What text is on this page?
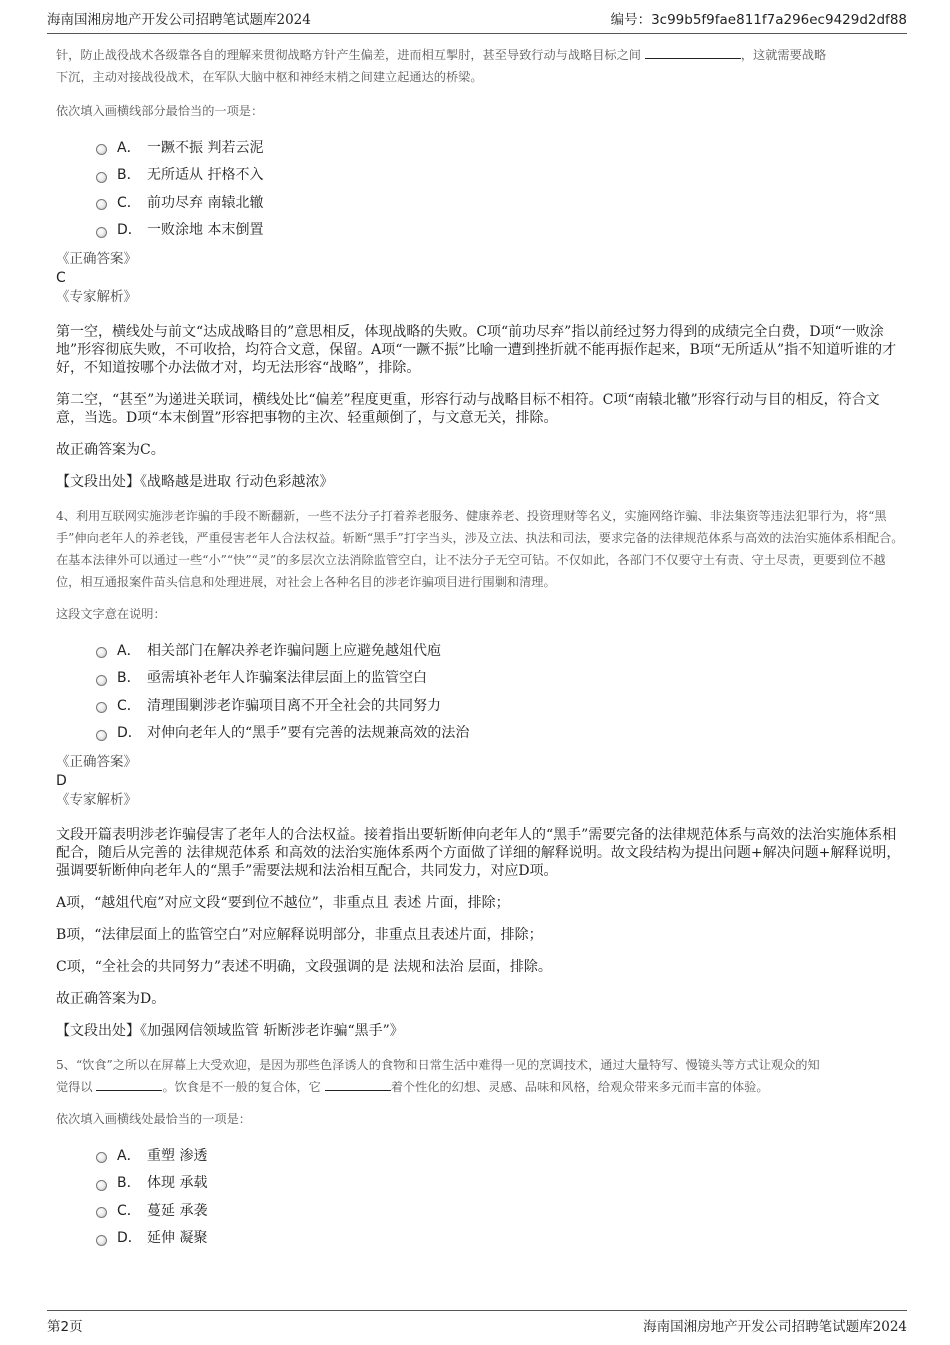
海南国湘房地产开发公司招聘笔试题库2024	编号：3c99b5f9fae811f7a296ec9429d2df88

针，防止战役战术各级靠各自的理解来贯彻战略方针产生偏差，进而相互掣肘，甚至导致行动与战略目标之间	，这就需要战略
下沉，主动对接战役战术，在军队大脑中枢和神经末梢之间建立起通达的桥梁。

依次填入画横线部分最恰当的一项是：

A． 一蹶不振 判若云泥
B． 无所适从 扞格不入
C． 前功尽弃 南辕北辙
D． 一败涂地 本末倒置

《正确答案》

C

《专家解析》

第一空，横线处与前文“达成战略目的”意思相反，体现战略的失败。C项“前功尽弃”指以前经过努力得到的成绩完全白费，D项“一败涂地”形容彻底失败，不可收拾，均符合文意，保留。A项“一蹶不振”比喻一遭到挫折就不能再振作起来，B项“无所适从”指不知道听谁的才好，不知道按哪个办法做才对，均无法形容“战略”，排除。

第二空，“甚至”为递进关联词，横线处比“偏差”程度更重，形容行动与战略目标不相符。C项“南辕北辙”形容行动与目的相反，符合文意，当选。D项“本末倒置”形容把事物的主次、轻重颠倒了，与文意无关，排除。

故正确答案为C。

【文段出处】《战略越是进取 行动色彩越浓》

4、利用互联网实施涉老诈骗的手段不断翻新，一些不法分子打着养老服务、健康养老、投资理财等名义，实施网络诈骗、非法集资等违法犯罪行为，将“黑手”伸向老年人的养老钱，严重侵害老年人合法权益。斩断“黑手”打字当头，涉及立法、执法和司法，要求完备的法律规范体系与高效的法治实施体系相配合。在基本法律外可以通过一些“小”“快”“灵”的多层次立法消除监管空白，让不法分子无空可钻。不仅如此，各部门不仅要守土有责、守土尽责，更要到位不越位，相互通报案件苗头信息和处理进展，对社会上各种名目的涉老诈骗项目进行围剿和清理。

这段文字意在说明：

A． 相关部门在解决养老诈骗问题上应避免越俎代庖
B． 亟需填补老年人诈骗案法律层面上的监管空白
C． 清理围剿涉老诈骗项目离不开全社会的共同努力
D． 对伸向老年人的“黑手”要有完善的法规兼高效的法治

《正确答案》

D

《专家解析》

文段开篇表明涉老诈骗侵害了老年人的合法权益。接着指出要斩断伸向老年人的“黑手”需要完备的法律规范体系与高效的法治实施体系相配合，随后从完善的 法律规范体系 和高效的法治实施体系两个方面做了详细的解释说明。故文段结构为提出问题+解决问题+解释说明，强调要斩断伸向老年人的“黑手”需要法规和法治相互配合，共同发力，对应D项。

A项，“越俎代庖”对应文段“要到位不越位”，非重点且 表述 片面，排除；

B项，“法律层面上的监管空白”对应解释说明部分，非重点且表述片面，排除；

C项，“全社会的共同努力”表述不明确，文段强调的是 法规和法治 层面，排除。

故正确答案为D。

【文段出处】《加强网信领域监管 斩断涉老诈骗“黑手”》

5、“饮食”之所以在屏幕上大受欢迎，是因为那些色泽诱人的食物和日常生活中难得一见的烹调技术，通过大量特写、慢镜头等方式让观众的知
觉得以	。饮食是不一般的复合体，它	着个性化的幻想、灵感、品味和风格，给观众带来多元而丰富的体验。

依次填入画横线处最恰当的一项是：

A． 重塑 渗透
B． 体现 承载
C． 蔓延 承袭
D． 延伸 凝聚
第2页	海南国湘房地产开发公司招聘笔试题库2024
